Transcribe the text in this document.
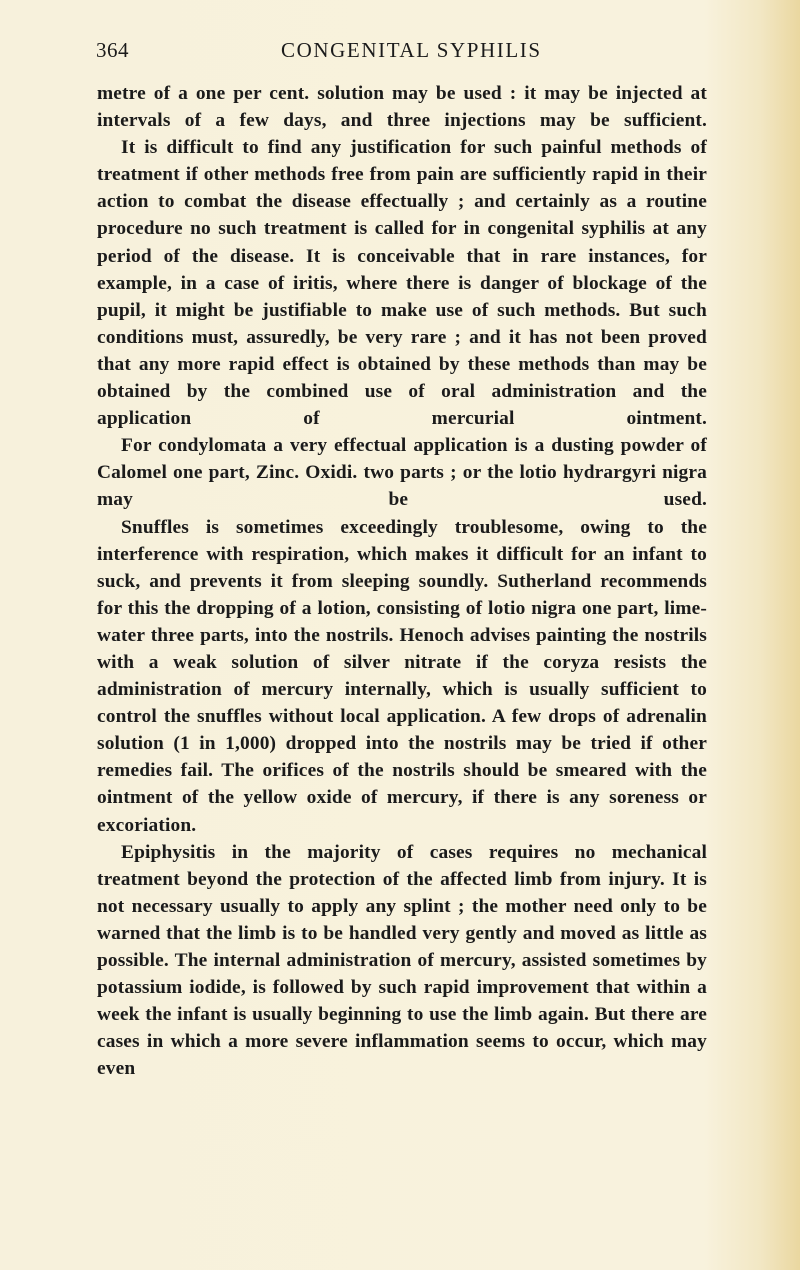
364	CONGENITAL SYPHILIS

metre of a one per cent. solution may be used : it may be injected at intervals of a few days, and three injections may be sufficient.

It is difficult to find any justification for such painful methods of treatment if other methods free from pain are sufficiently rapid in their action to combat the disease effectually ; and certainly as a routine procedure no such treatment is called for in congenital syphilis at any period of the disease. It is conceivable that in rare instances, for example, in a case of iritis, where there is danger of blockage of the pupil, it might be justifiable to make use of such methods. But such conditions must, assuredly, be very rare ; and it has not been proved that any more rapid effect is obtained by these methods than may be obtained by the combined use of oral administration and the application of mercurial ointment.

For condylomata a very effectual application is a dusting powder of Calomel one part, Zinc. Oxidi. two parts ; or the lotio hydrargyri nigra may be used.

Snuffles is sometimes exceedingly troublesome, owing to the interference with respiration, which makes it difficult for an infant to suck, and prevents it from sleeping soundly. Sutherland recommends for this the dropping of a lotion, consisting of lotio nigra one part, lime-water three parts, into the nostrils. Henoch advises painting the nostrils with a weak solution of silver nitrate if the coryza resists the administration of mercury internally, which is usually sufficient to control the snuffles without local application. A few drops of adrenalin solution (1 in 1,000) dropped into the nostrils may be tried if other remedies fail. The orifices of the nostrils should be smeared with the ointment of the yellow oxide of mercury, if there is any soreness or excoriation.

Epiphysitis in the majority of cases requires no mechanical treatment beyond the protection of the affected limb from injury. It is not necessary usually to apply any splint ; the mother need only to be warned that the limb is to be handled very gently and moved as little as possible. The internal administration of mercury, assisted sometimes by potassium iodide, is followed by such rapid improvement that within a week the infant is usually beginning to use the limb again. But there are cases in which a more severe inflammation seems to occur, which may even
